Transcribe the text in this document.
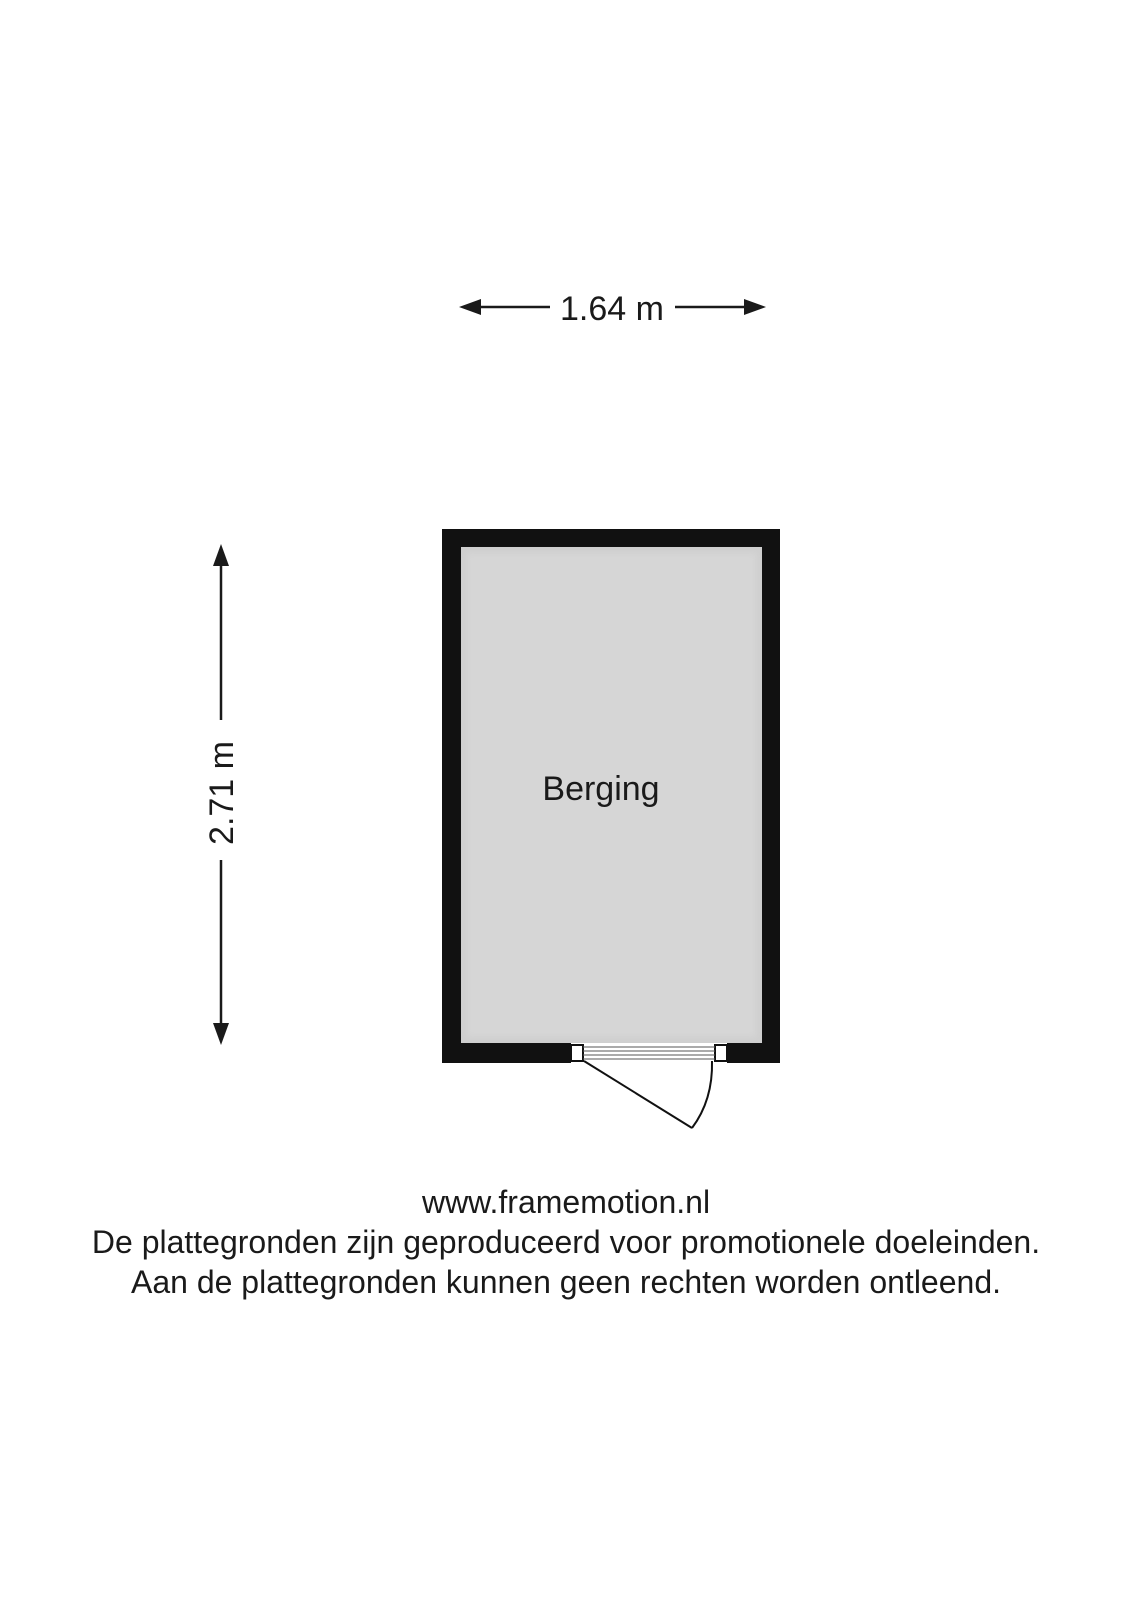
1.64 m
2.71 m	Berging
www.framemotion.nl
De plattegronden zijn geproduceerd voor promotionele doeleinden.
Aan de plattegronden kunnen geen rechten worden ontleend.
